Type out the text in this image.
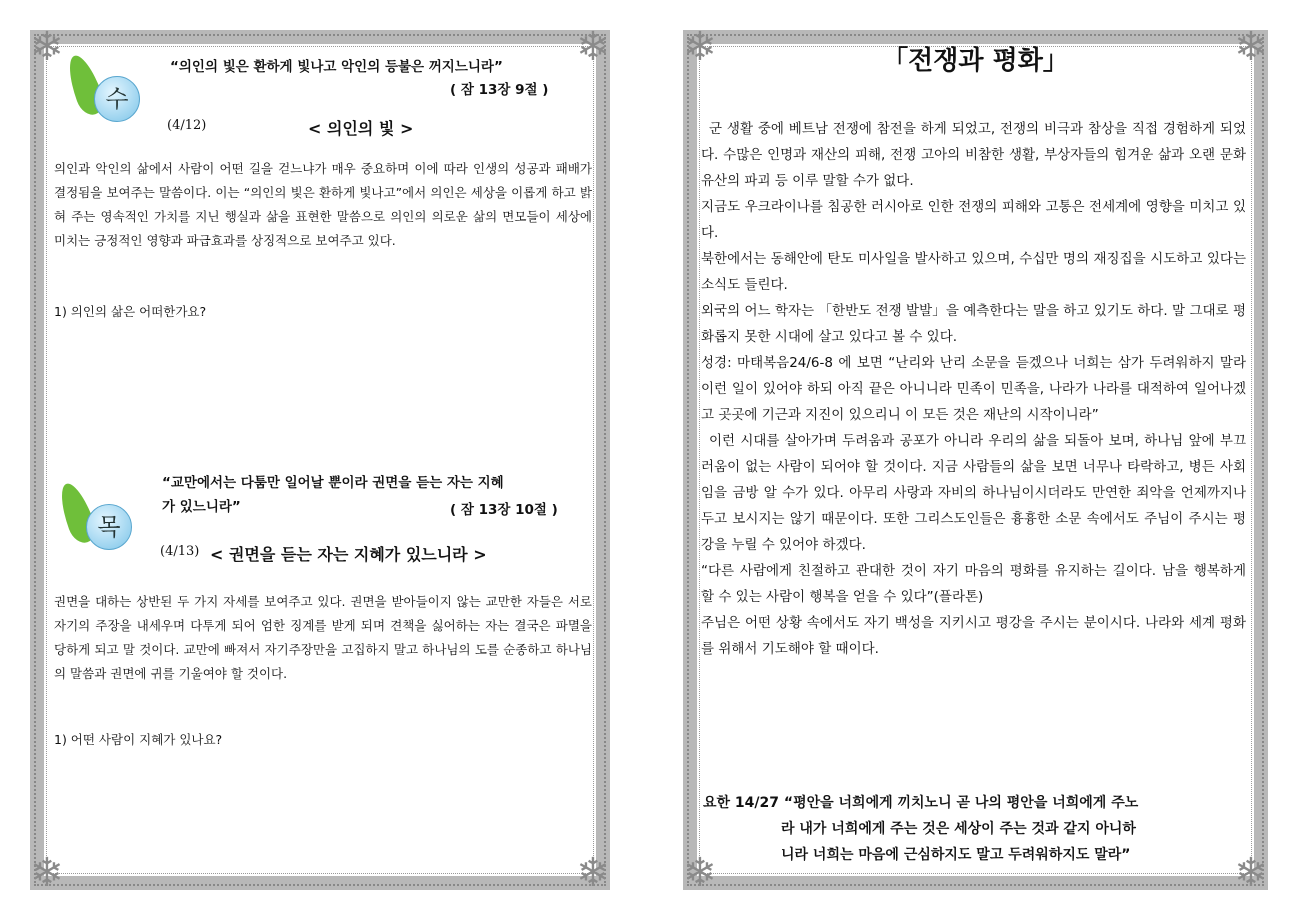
❄	❄
❄	❄
수
“의인의 빛은 환하게 빛나고 악인의 등불은 꺼지느니라”
( 잠 13장 9절 )
(4/12)	< 의인의 빛 >

의인과 악인의 삶에서 사람이 어떤 길을 걷느냐가 매우 중요하며 이에 따라 인생의 성공과 패배가 결정됨을 보여주는 말씀이다. 이는 “의인의 빛은 환하게 빛나고”에서 의인은 세상을 이롭게 하고 밝혀 주는 영속적인 가치를 지닌 행실과 삶을 표현한 말씀으로 의인의 의로운 삶의 면모들이 세상에 미치는 긍정적인 영향과 파급효과를 상징적으로 보여주고 있다.

1) 의인의 삶은 어떠한가요?
목
“교만에서는 다툼만 일어날 뿐이라 권면을 듣는 자는 지혜
가 있느니라”	( 잠 13장 10절 )
(4/13) < 권면을 듣는 자는 지혜가 있느니라 >

권면을 대하는 상반된 두 가지 자세를 보여주고 있다. 권면을 받아들이지 않는 교만한 자들은 서로 자기의 주장을 내세우며 다투게 되어 엄한 징계를 받게 되며 견책을 싫어하는 자는 결국은 파멸을 당하게 되고 말 것이다. 교만에 빠져서 자기주장만을 고집하지 말고 하나님의 도를 순종하고 하나님의 말씀과 권면에 귀를 기울여야 할 것이다.

1) 어떤 사람이 지혜가 있나요?
❄	❄
❄	❄
「전쟁과 평화」

군 생활 중에 베트남 전쟁에 참전을 하게 되었고, 전쟁의 비극과 참상을 직접 경험하게 되었다. 수많은 인명과 재산의 피해, 전쟁 고아의 비참한 생활, 부상자들의 힘겨운 삶과 오랜 문화유산의 파괴 등 이루 말할 수가 없다.

지금도 우크라이나를 침공한 러시아로 인한 전쟁의 피해와 고통은 전세계에 영향을 미치고 있다.

북한에서는 동해안에 탄도 미사일을 발사하고 있으며, 수십만 명의 재징집을 시도하고 있다는 소식도 들린다.

외국의 어느 학자는 「한반도 전쟁 발발」을 예측한다는 말을 하고 있기도 하다. 말 그대로 평화롭지 못한 시대에 살고 있다고 볼 수 있다.

성경: 마태복음24/6-8 에 보면 “난리와 난리 소문을 듣겠으나 너희는 삼가 두려워하지 말라 이런 일이 있어야 하되 아직 끝은 아니니라 민족이 민족을, 나라가 나라를 대적하여 일어나겠고 곳곳에 기근과 지진이 있으리니 이 모든 것은 재난의 시작이니라”

이런 시대를 살아가며 두려움과 공포가 아니라 우리의 삶을 되돌아 보며, 하나님 앞에 부끄러움이 없는 사람이 되어야 할 것이다. 지금 사람들의 삶을 보면 너무나 타락하고, 병든 사회임을 금방 알 수가 있다. 아무리 사랑과 자비의 하나님이시더라도 만연한 죄악을 언제까지나 두고 보시지는 않기 때문이다. 또한 그리스도인들은 흉흉한 소문 속에서도 주님이 주시는 평강을 누릴 수 있어야 하겠다.

“다른 사람에게 친절하고 관대한 것이 자기 마음의 평화를 유지하는 길이다. 남을 행복하게 할 수 있는 사람이 행복을 얻을 수 있다”(플라톤)

주님은 어떤 상황 속에서도 자기 백성을 지키시고 평강을 주시는 분이시다. 나라와 세계 평화를 위해서 기도해야 할 때이다.

요한 14/27 “평안을 너희에게 끼치노니 곧 나의 평안을 너희에게 주노
라 내가 너희에게 주는 것은 세상이 주는 것과 같지 아니하
니라 너희는 마음에 근심하지도 말고 두려워하지도 말라”
